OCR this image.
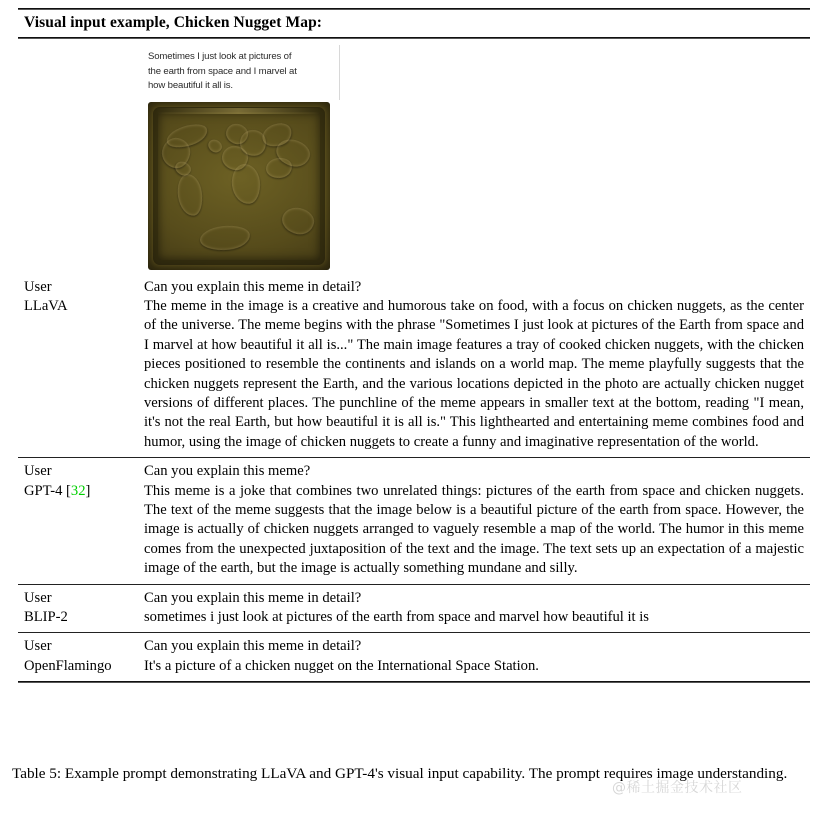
Visual input example, Chicken Nugget Map:
Sometimes I just look at pictures of
the earth from space and I marvel at
how beautiful it all is.
User
LLaVA

Can you explain this meme in detail?

The meme in the image is a creative and humorous take on food, with a focus on chicken nuggets, as the center of the universe. The meme begins with the phrase "Sometimes I just look at pictures of the Earth from space and I marvel at how beautiful it all is..." The main image features a tray of cooked chicken nuggets, with the chicken pieces positioned to resemble the continents and islands on a world map. The meme playfully suggests that the chicken nuggets represent the Earth, and the various locations depicted in the photo are actually chicken nugget versions of different places. The punchline of the meme appears in smaller text at the bottom, reading "I mean, it's not the real Earth, but how beautiful it is all is." This lighthearted and entertaining meme combines food and humor, using the image of chicken nuggets to create a funny and imaginative representation of the world.

User
GPT-4 [32]

Can you explain this meme?

This meme is a joke that combines two unrelated things: pictures of the earth from space and chicken nuggets. The text of the meme suggests that the image below is a beautiful picture of the earth from space. However, the image is actually of chicken nuggets arranged to vaguely resemble a map of the world. The humor in this meme comes from the unexpected juxtaposition of the text and the image. The text sets up an expectation of a majestic image of the earth, but the image is actually something mundane and silly.

User
BLIP-2

Can you explain this meme in detail?

sometimes i just look at pictures of the earth from space and marvel how beautiful it is

User
OpenFlamingo

Can you explain this meme in detail?

It's a picture of a chicken nugget on the International Space Station.

Table 5: Example prompt demonstrating LLaVA and GPT-4's visual input capability. The prompt requires image understanding.
@稀土掘金技术社区
